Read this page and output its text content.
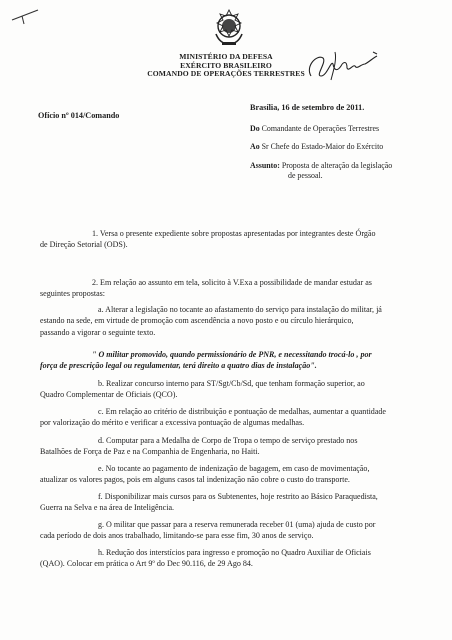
MINISTÉRIO DA DEFESA
EXÉRCITO BRASILEIRO
COMANDO DE OPERAÇÕES TERRESTRES
Ofício nº 014/Comando
Brasília, 16 de setembro de 2011.
Do Comandante de Operações Terrestres
Ao Sr Chefe do Estado-Maior do Exército
Assunto: Proposta de alteração da legislação
de pessoal.
1. Versa o presente expediente sobre propostas apresentadas por integrantes deste Órgão
de Direção Setorial (ODS).
2. Em relação ao assunto em tela, solicito à V.Exa a possibilidade de mandar estudar as
seguintes propostas:
a. Alterar a legislação no tocante ao afastamento do serviço para instalação do militar, já
estando na sede, em virtude de promoção com ascendência a novo posto e ou círculo hierárquico,
passando a vigorar o seguinte texto.
" O militar promovido, quando permissionário de PNR, e necessitando trocá-lo , por
força de prescrição legal ou regulamentar, terá direito a quatro dias de instalação".
b. Realizar concurso interno para ST/Sgt/Cb/Sd, que tenham formação superior, ao
Quadro Complementar de Oficiais (QCO).
c. Em relação ao critério de distribuição e pontuação de medalhas, aumentar a quantidade
por valorização do mérito e verificar a excessiva pontuação de algumas medalhas.
d. Computar para a Medalha de Corpo de Tropa o tempo de serviço prestado nos
Batalhões de Força de Paz e na Companhia de Engenharia, no Haiti.
e. No tocante ao pagamento de indenização de bagagem, em caso de movimentação,
atualizar os valores pagos, pois em alguns casos tal indenização não cobre o custo do transporte.
f. Disponibilizar mais cursos para os Subtenentes, hoje restrito ao Básico Paraquedista,
Guerra na Selva e na área de Inteligência.
g. O militar que passar para a reserva remunerada receber 01 (uma) ajuda de custo por
cada período de dois anos trabalhado, limitando-se para esse fim, 30 anos de serviço.
h. Redução dos interstícios para ingresso e promoção no Quadro Auxiliar de Oficiais
(QAO). Colocar em prática o Art 9º do Dec 90.116, de 29 Ago 84.
